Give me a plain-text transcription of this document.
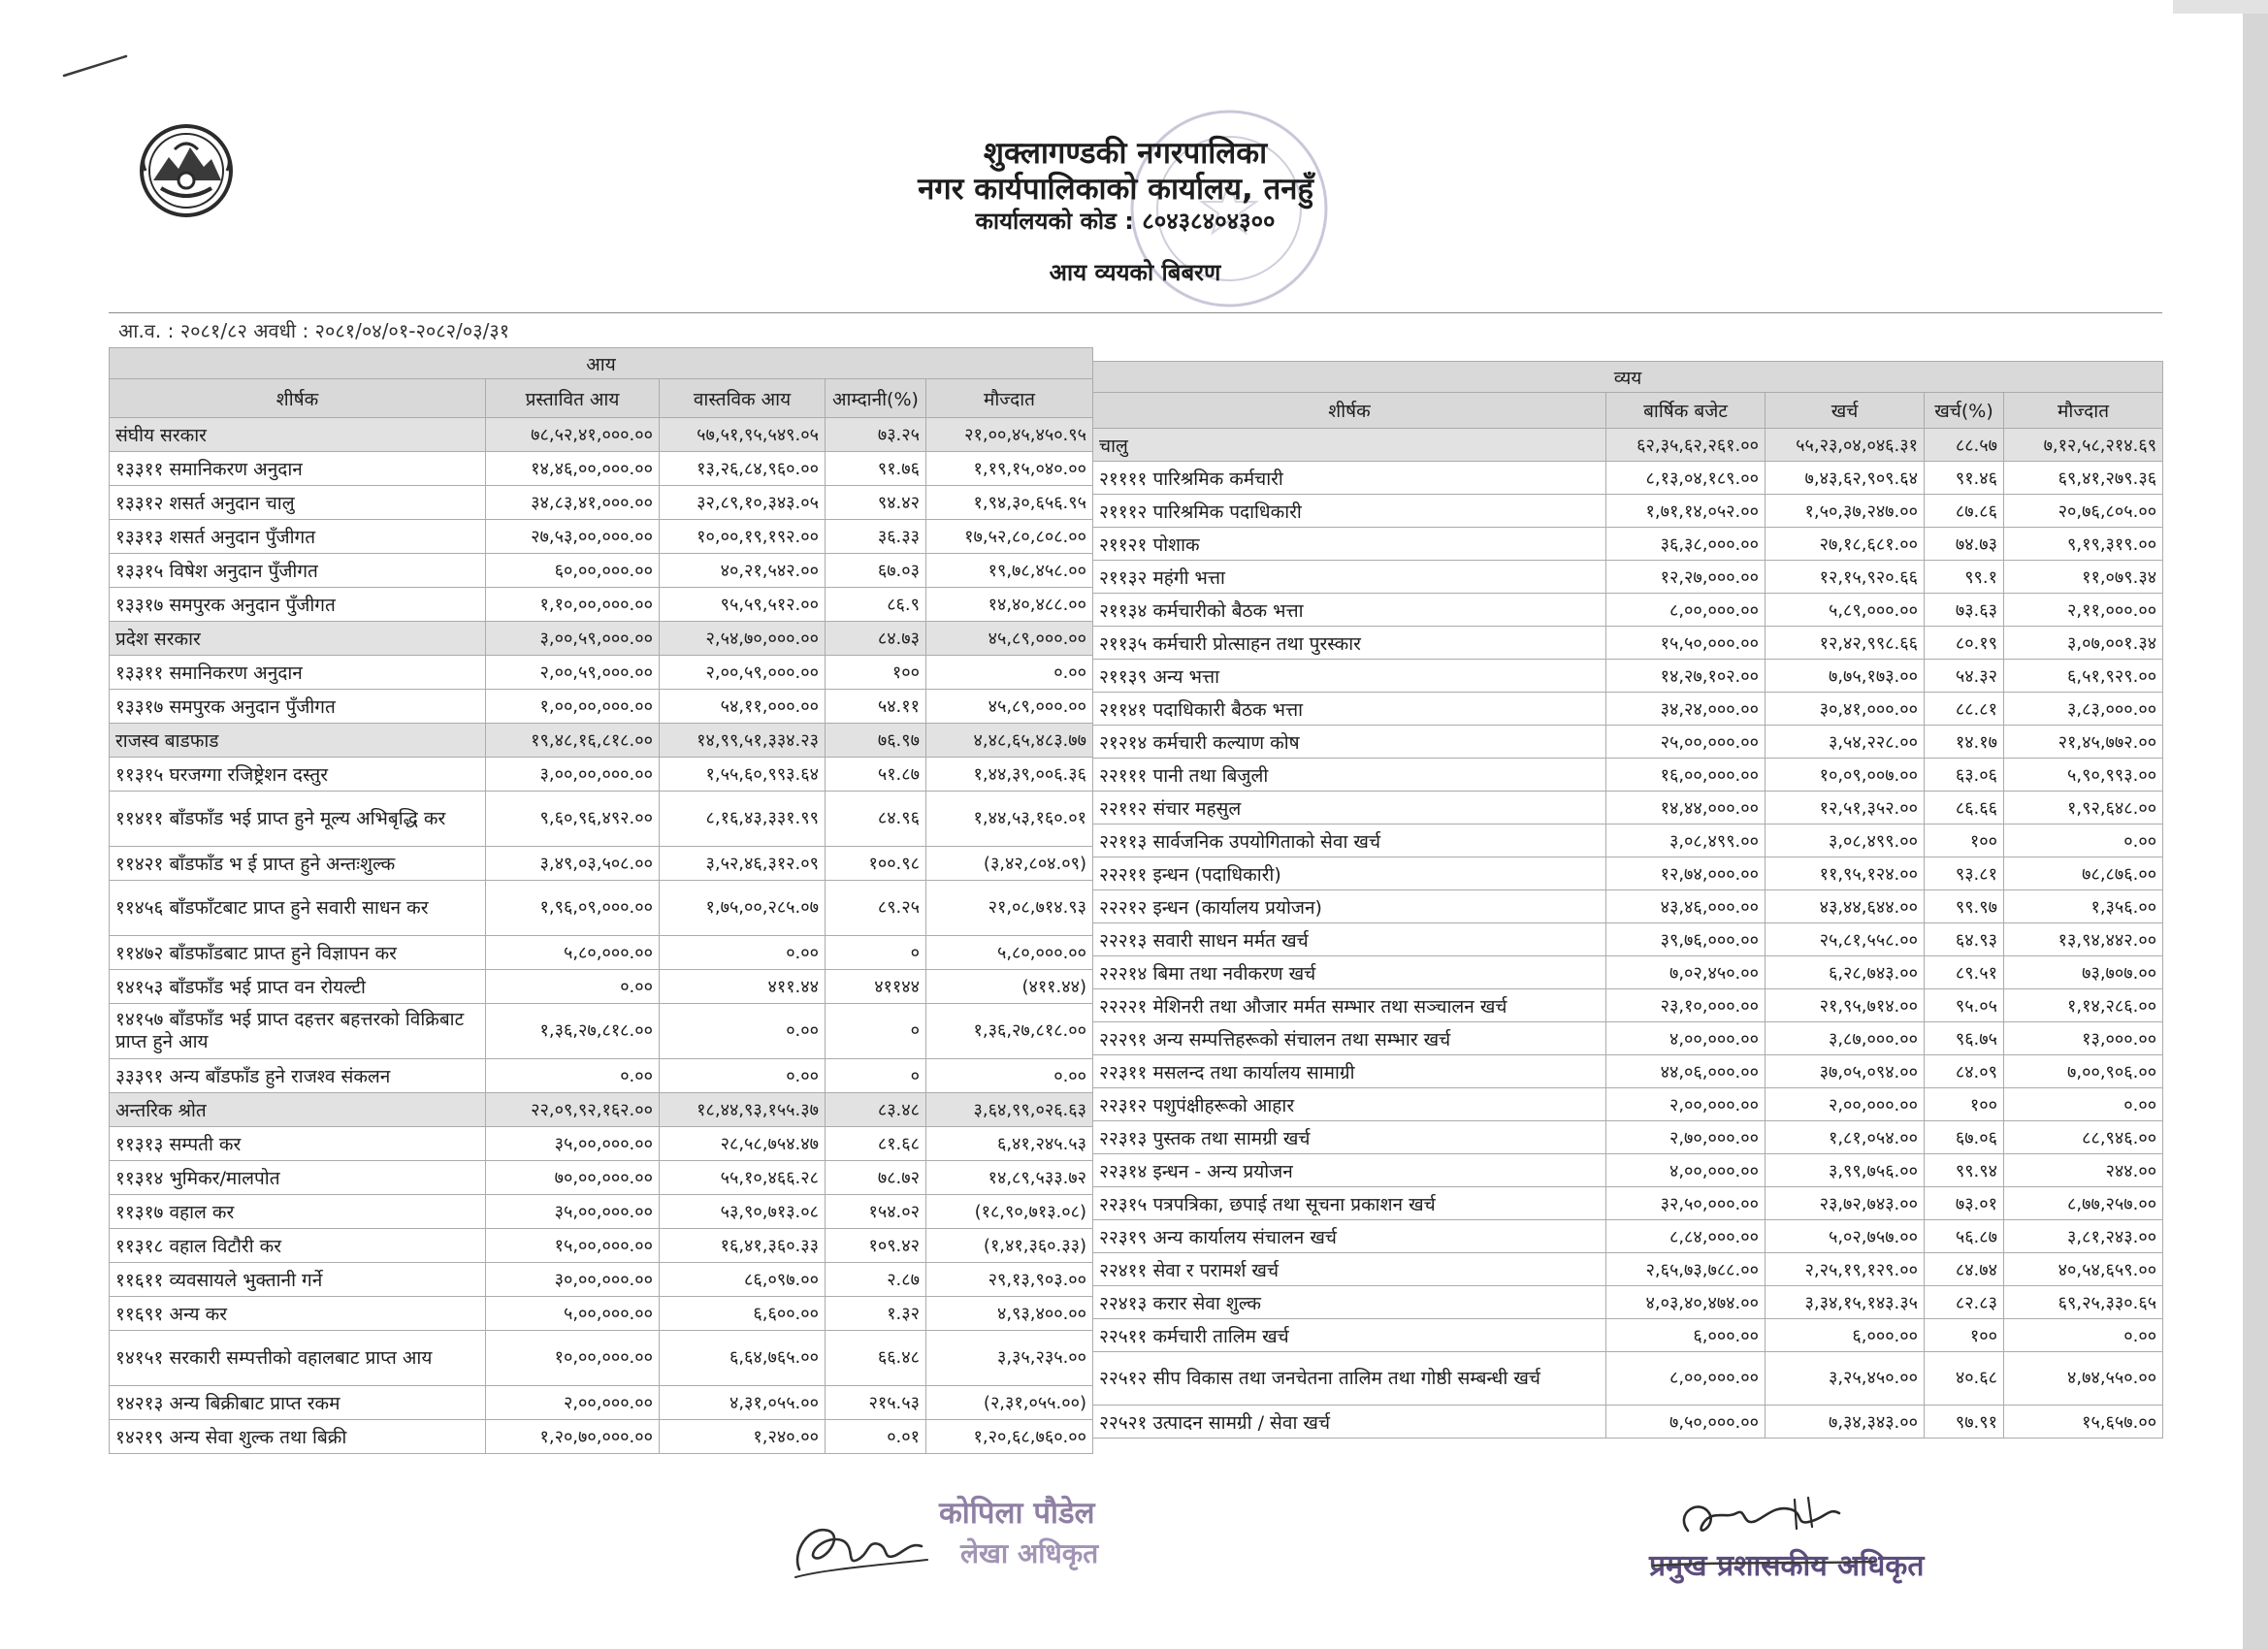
शुक्लागण्डकी नगरपालिका
नगर कार्यपालिकाको कार्यालय, तनहुँ
कार्यालयको कोड : ८०४३८४०४३००
आय व्ययको बिबरण
आ.व. : २०८१/८२ अवधी : २०८१/०४/०१-२०८२/०३/३१
आय				
शीर्षक	प्रस्तावित आय	वास्तविक आय	आम्दानी(%)	मौज्दात
संघीय सरकार	७८,५२,४१,०००.००	५७,५१,९५,५४९.०५	७३.२५	२१,००,४५,४५०.९५
१३३११ समानिकरण अनुदान	१४,४६,००,०००.००	१३,२६,८४,९६०.००	९१.७६	१,१९,१५,०४०.००
१३३१२ शसर्त अनुदान चालु	३४,८३,४१,०००.००	३२,८९,१०,३४३.०५	९४.४२	१,९४,३०,६५६.९५
१३३१३ शसर्त अनुदान पुँजीगत	२७,५३,००,०००.००	१०,००,१९,१९२.००	३६.३३	१७,५२,८०,८०८.००
१३३१५ विषेश अनुदान पुँजीगत	६०,००,०००.००	४०,२१,५४२.००	६७.०३	१९,७८,४५८.००
१३३१७ समपुरक अनुदान पुँजीगत	१,१०,००,०००.००	९५,५९,५१२.००	८६.९	१४,४०,४८८.००
प्रदेश सरकार	३,००,५९,०००.००	२,५४,७०,०००.००	८४.७३	४५,८९,०००.००
१३३११ समानिकरण अनुदान	२,००,५९,०००.००	२,००,५९,०००.००	१००	०.००
१३३१७ समपुरक अनुदान पुँजीगत	१,००,००,०००.००	५४,११,०००.००	५४.११	४५,८९,०००.००
राजस्व बाडफाड	१९,४८,१६,८१८.००	१४,९९,५१,३३४.२३	७६.९७	४,४८,६५,४८३.७७
११३१५ घरजग्गा रजिष्ट्रेशन दस्तुर	३,००,००,०००.००	१,५५,६०,९९३.६४	५१.८७	१,४४,३९,००६.३६
११४११ बाँडफाँड भई प्राप्त हुने मूल्य अभिबृद्धि कर	९,६०,९६,४९२.००	८,१६,४३,३३१.९९	८४.९६	१,४४,५३,१६०.०१
११४२१ बाँडफाँड भ ई प्राप्त हुने अन्तःशुल्क	३,४९,०३,५०८.००	३,५२,४६,३१२.०९	१००.९८	(३,४२,८०४.०९)
११४५६ बाँडफाँटबाट प्राप्त हुने सवारी साधन कर	१,९६,०९,०००.००	१,७५,००,२८५.०७	८९.२५	२१,०८,७१४.९३
११४७२ बाँडफाँडबाट प्राप्त हुने विज्ञापन कर	५,८०,०००.००	०.००	०	५,८०,०००.००
१४१५३ बाँडफाँड भई प्राप्त वन रोयल्टी	०.००	४११.४४	४११४४	(४११.४४)
१४१५७ बाँडफाँड भई प्राप्त दहत्तर बहत्तरको विक्रिबाट प्राप्त हुने आय	१,३६,२७,८१८.००	०.००	०	१,३६,२७,८१८.००
३३३९१ अन्य बाँडफाँड हुने राजश्व संकलन	०.००	०.००	०	०.००
अन्तरिक श्रोत	२२,०९,९२,१६२.००	१८,४४,९३,१५५.३७	८३.४८	३,६४,९९,०२६.६३
११३१३ सम्पती कर	३५,००,०००.००	२८,५८,७५४.४७	८१.६८	६,४१,२४५.५३
११३१४ भुमिकर/मालपोत	७०,००,०००.००	५५,१०,४६६.२८	७८.७२	१४,८९,५३३.७२
११३१७ वहाल कर	३५,००,०००.००	५३,९०,७१३.०८	१५४.०२	(१८,९०,७१३.०८)
११३१८ वहाल विटौरी कर	१५,००,०००.००	१६,४१,३६०.३३	१०९.४२	(१,४१,३६०.३३)
११६११ व्यवसायले भुक्तानी गर्ने	३०,००,०००.००	८६,०९७.००	२.८७	२९,१३,९०३.००
११६९१ अन्य कर	५,००,०००.००	६,६००.००	१.३२	४,९३,४००.००
१४१५१ सरकारी सम्पत्तीको वहालबाट प्राप्त आय	१०,००,०००.००	६,६४,७६५.००	६६.४८	३,३५,२३५.००
१४२१३ अन्य बिक्रीबाट प्राप्त रकम	२,००,०००.००	४,३१,०५५.००	२१५.५३	(२,३१,०५५.००)
१४२१९ अन्य सेवा शुल्क तथा बिक्री	१,२०,७०,०००.००	१,२४०.००	०.०१	१,२०,६८,७६०.००
व्यय				
शीर्षक	बार्षिक बजेट	खर्च	खर्च(%)	मौज्दात
चालु	६२,३५,६२,२६१.००	५५,२३,०४,०४६.३१	८८.५७	७,१२,५८,२१४.६९
२११११ पारिश्रमिक कर्मचारी	८,१३,०४,१८९.००	७,४३,६२,९०९.६४	९१.४६	६९,४१,२७९.३६
२१११२ पारिश्रमिक पदाधिकारी	१,७१,१४,०५२.००	१,५०,३७,२४७.००	८७.८६	२०,७६,८०५.००
२११२१ पोशाक	३६,३८,०००.००	२७,१८,६८१.००	७४.७३	९,१९,३१९.००
२११३२ महंगी भत्ता	१२,२७,०००.००	१२,१५,९२०.६६	९९.१	११,०७९.३४
२११३४ कर्मचारीको बैठक भत्ता	८,००,०००.००	५,८९,०००.००	७३.६३	२,११,०००.००
२११३५ कर्मचारी प्रोत्साहन तथा पुरस्कार	१५,५०,०००.००	१२,४२,९९८.६६	८०.१९	३,०७,००१.३४
२११३९ अन्य भत्ता	१४,२७,१०२.००	७,७५,१७३.००	५४.३२	६,५१,९२९.००
२११४१ पदाधिकारी बैठक भत्ता	३४,२४,०००.००	३०,४१,०००.००	८८.८१	३,८३,०००.००
२१२१४ कर्मचारी कल्याण कोष	२५,००,०००.००	३,५४,२२८.००	१४.१७	२१,४५,७७२.००
२२१११ पानी तथा बिजुली	१६,००,०००.००	१०,०९,००७.००	६३.०६	५,९०,९९३.००
२२११२ संचार महसुल	१४,४४,०००.००	१२,५१,३५२.००	८६.६६	१,९२,६४८.००
२२११३ सार्वजनिक उपयोगिताको सेवा खर्च	३,०८,४९९.००	३,०८,४९९.००	१००	०.००
२२२११ इन्धन (पदाधिकारी)	१२,७४,०००.००	११,९५,१२४.००	९३.८१	७८,८७६.००
२२२१२ इन्धन (कार्यालय प्रयोजन)	४३,४६,०००.००	४३,४४,६४४.००	९९.९७	१,३५६.००
२२२१३ सवारी साधन मर्मत खर्च	३९,७६,०००.००	२५,८१,५५८.००	६४.९३	१३,९४,४४२.००
२२२१४ बिमा तथा नवीकरण खर्च	७,०२,४५०.००	६,२८,७४३.००	८९.५१	७३,७०७.००
२२२२१ मेशिनरी तथा औजार मर्मत सम्भार तथा सञ्चालन खर्च	२३,१०,०००.००	२१,९५,७१४.००	९५.०५	१,१४,२८६.००
२२२९१ अन्य सम्पत्तिहरूको संचालन तथा सम्भार खर्च	४,००,०००.००	३,८७,०००.००	९६.७५	१३,०००.००
२२३११ मसलन्द तथा कार्यालय सामाग्री	४४,०६,०००.००	३७,०५,०९४.००	८४.०९	७,००,९०६.००
२२३१२ पशुपंक्षीहरूको आहार	२,००,०००.००	२,००,०००.००	१००	०.००
२२३१३ पुस्तक तथा सामग्री खर्च	२,७०,०००.००	१,८१,०५४.००	६७.०६	८८,९४६.००
२२३१४ इन्धन - अन्य प्रयोजन	४,००,०००.००	३,९९,७५६.००	९९.९४	२४४.००
२२३१५ पत्रपत्रिका, छपाई तथा सूचना प्रकाशन खर्च	३२,५०,०००.००	२३,७२,७४३.००	७३.०१	८,७७,२५७.००
२२३१९ अन्य कार्यालय संचालन खर्च	८,८४,०००.००	५,०२,७५७.००	५६.८७	३,८१,२४३.००
२२४११ सेवा र परामर्श खर्च	२,६५,७३,७८८.००	२,२५,१९,१२९.००	८४.७४	४०,५४,६५९.००
२२४१३ करार सेवा शुल्क	४,०३,४०,४७४.००	३,३४,१५,१४३.३५	८२.८३	६९,२५,३३०.६५
२२५११ कर्मचारी तालिम खर्च	६,०००.००	६,०००.००	१००	०.००
२२५१२ सीप विकास तथा जनचेतना तालिम तथा गोष्ठी सम्बन्धी खर्च	८,००,०००.००	३,२५,४५०.००	४०.६८	४,७४,५५०.००
२२५२१ उत्पादन सामग्री / सेवा खर्च	७,५०,०००.००	७,३४,३४३.००	९७.९१	१५,६५७.००
कोपिला पौडेल
लेखा अधिकृत	प्रमुख प्रशासकीय अधिकृत
